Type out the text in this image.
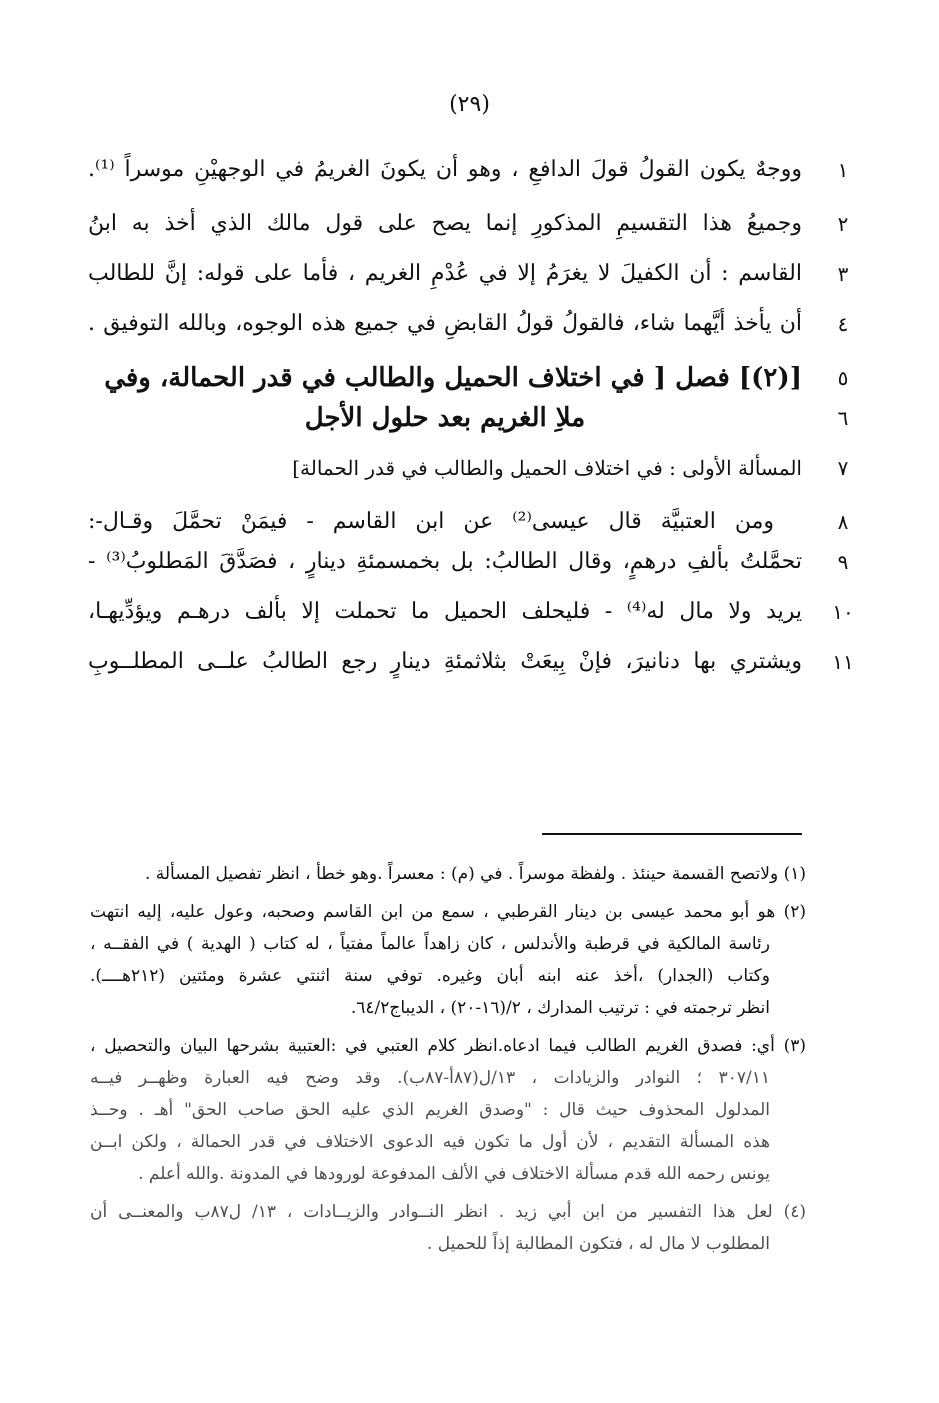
(٢٩)
١
ووجهٌ يكون القولُ قولَ الدافعِ ، وهو أن يكونَ الغريمُ في الوجهيْنِ موسراً ⁽¹⁾.
٢
وجميعُ هذا التقسيمِ المذكورِ إنما يصح على قول مالك الذي أخذ به ابنُ
٣
القاسم : أن الكفيلَ لا يغرَمُ إلا في عُدْمِ الغريم ، فأما على قوله: إنَّ للطالب
٤
أن يأخذ أيَّهما شاء، فالقولُ قولُ القابضِ في جميع هذه الوجوه، وبالله التوفيق .
٥
[(٢)] فصل [ في اختلاف الحميل والطالب في قدر الحمالة، وفي
٦
ملاِ الغريم بعد حلول الأجل
٧
المسألة الأولى : في اختلاف الحميل والطالب في قدر الحمالة]
٨
ومن العتبيَّة قال عيسى⁽²⁾ عن ابن القاسم - فيمَنْ تحمَّلَ وقـال-:
٩
تحمَّلتُ بألفِ درهمٍ، وقال الطالبُ: بل بخمسمئةِ دينارٍ ، فصَدَّقَ المَطلوبُ⁽³⁾ -
١٠
يريد ولا مال له⁽⁴⁾ - فليحلف الحميل ما تحملت إلا بألف درهـم ويؤدِّيهـا،
١١
ويشتري بها دنانيرَ، فإنْ بِيعَتْ بثلاثمئةِ دينارٍ رجع الطالبُ علــى المطلــوبِ
(١) ولاتصح القسمة حينئذ . ولفظة موسراً . في (م) : معسراً .وهو خطأ ، انظر تفصيل المسألة .
(٢) هو أبو محمد عيسى بن دينار القرطبي ، سمع من ابن القاسم وصحبه، وعول عليه، إليه انتهت
رئاسة المالكية في قرطبة والأندلس ، كان زاهداً عالماً مفتياً ، له كتاب ( الهدية ) في الفقــه ،
وكتاب (الجدار) ،أخذ عنه ابنه أبان وغيره. توفي سنة اثنتي عشرة ومئتين (٢١٢هــــ).
انظر ترجمته في : ترتيب المدارك ، ٢/(١٦-٢٠) ، الديباج٦٤/٢.
(٣) أي: فصدق الغريم الطالب فيما ادعاه.انظر كلام العتبي في :العتبية بشرحها البيان والتحصيل ،
٣٠٧/١١ ؛ النوادر والزيادات ، ١٣/ل(٨٧أ-٨٧ب). وقد وضح فيه العبارة وظهــر فيــه
المدلول المحذوف حيث قال : "وصدق الغريم الذي عليه الحق صاحب الحق" أهـ . وحــذ
هذه المسألة التقديم ، لأن أول ما تكون فيه الدعوى الاختلاف في قدر الحمالة ، ولكن ابــن
يونس رحمه الله قدم مسألة الاختلاف في الألف المدفوعة لورودها في المدونة .والله أعلم .
(٤) لعل هذا التفسير من ابن أبي زيد . انظر النــوادر والزيــادات ، ١٣/ ل٨٧ب والمعنــى أن
المطلوب لا مال له ، فتكون المطالبة إذاً للحميل .
